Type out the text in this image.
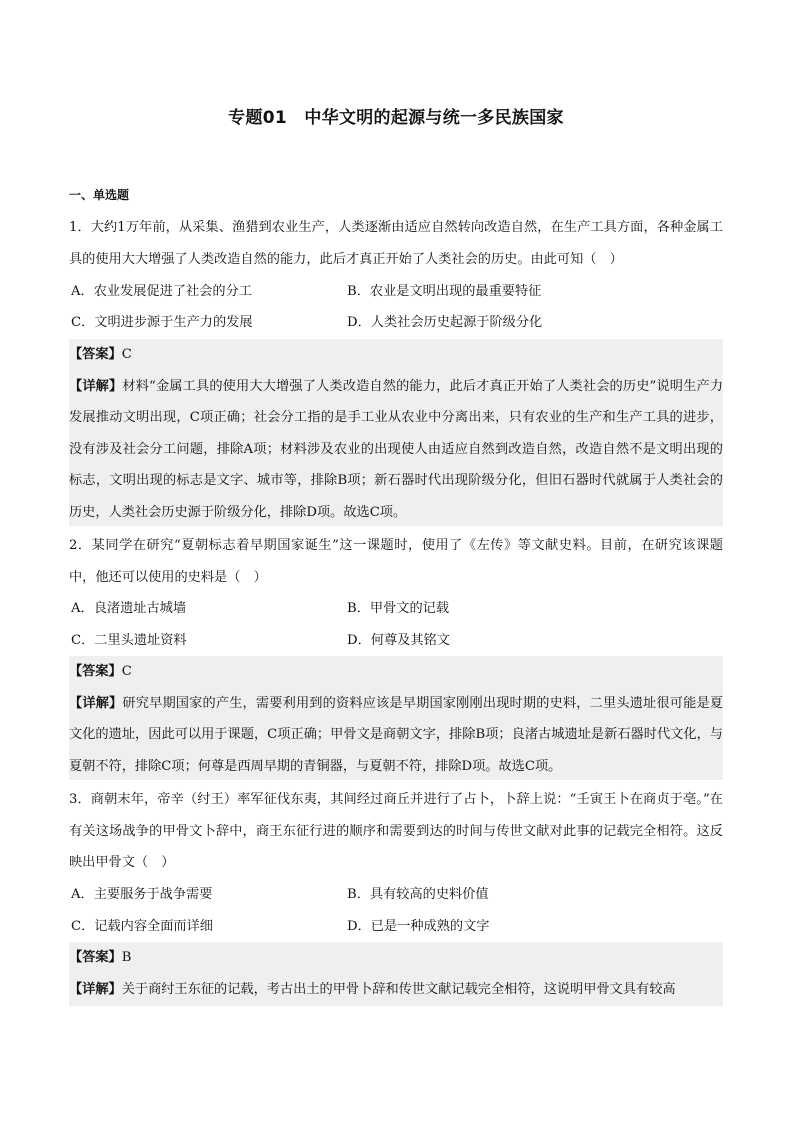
专题01　中华文明的起源与统一多民族国家
一、单选题
1．大约1万年前，从采集、渔猎到农业生产，人类逐渐由适应自然转向改造自然，在生产工具方面，各种金属工具的使用大大增强了人类改造自然的能力，此后才真正开始了人类社会的历史。由此可知（　）
A．农业发展促进了社会的分工	B．农业是文明出现的最重要特征
C．文明进步源于生产力的发展	D．人类社会历史起源于阶级分化
【答案】C
【详解】材料“金属工具的使用大大增强了人类改造自然的能力，此后才真正开始了人类社会的历史”说明生产力发展推动文明出现，C项正确；社会分工指的是手工业从农业中分离出来，只有农业的生产和生产工具的进步，没有涉及社会分工问题，排除A项；材料涉及农业的出现使人由适应自然到改造自然，改造自然不是文明出现的标志，文明出现的标志是文字、城市等，排除B项；新石器时代出现阶级分化，但旧石器时代就属于人类社会的历史，人类社会历史源于阶级分化，排除D项。故选C项。
2．某同学在研究“夏朝标志着早期国家诞生”这一课题时，使用了《左传》等文献史料。目前，在研究该课题中，他还可以使用的史料是（　）
A．良渚遗址古城墙	B．甲骨文的记载
C．二里头遗址资料	D．何尊及其铭文
【答案】C
【详解】研究早期国家的产生，需要利用到的资料应该是早期国家刚刚出现时期的史料，二里头遗址很可能是夏文化的遗址，因此可以用于课题，C项正确；甲骨文是商朝文字，排除B项；良渚古城遗址是新石器时代文化，与夏朝不符，排除C项；何尊是西周早期的青铜器，与夏朝不符，排除D项。故选C项。
3．商朝末年，帝辛（纣王）率军征伐东夷，其间经过商丘并进行了占卜，卜辞上说：“壬寅王卜在商贞于亳。”在有关这场战争的甲骨文卜辞中，商王东征行进的顺序和需要到达的时间与传世文献对此事的记载完全相符。这反映出甲骨文（　）
A．主要服务于战争需要	B．具有较高的史料价值
C．记载内容全面而详细	D．已是一种成熟的文字
【答案】B
【详解】关于商纣王东征的记载，考古出土的甲骨卜辞和传世文献记载完全相符，这说明甲骨文具有较高
